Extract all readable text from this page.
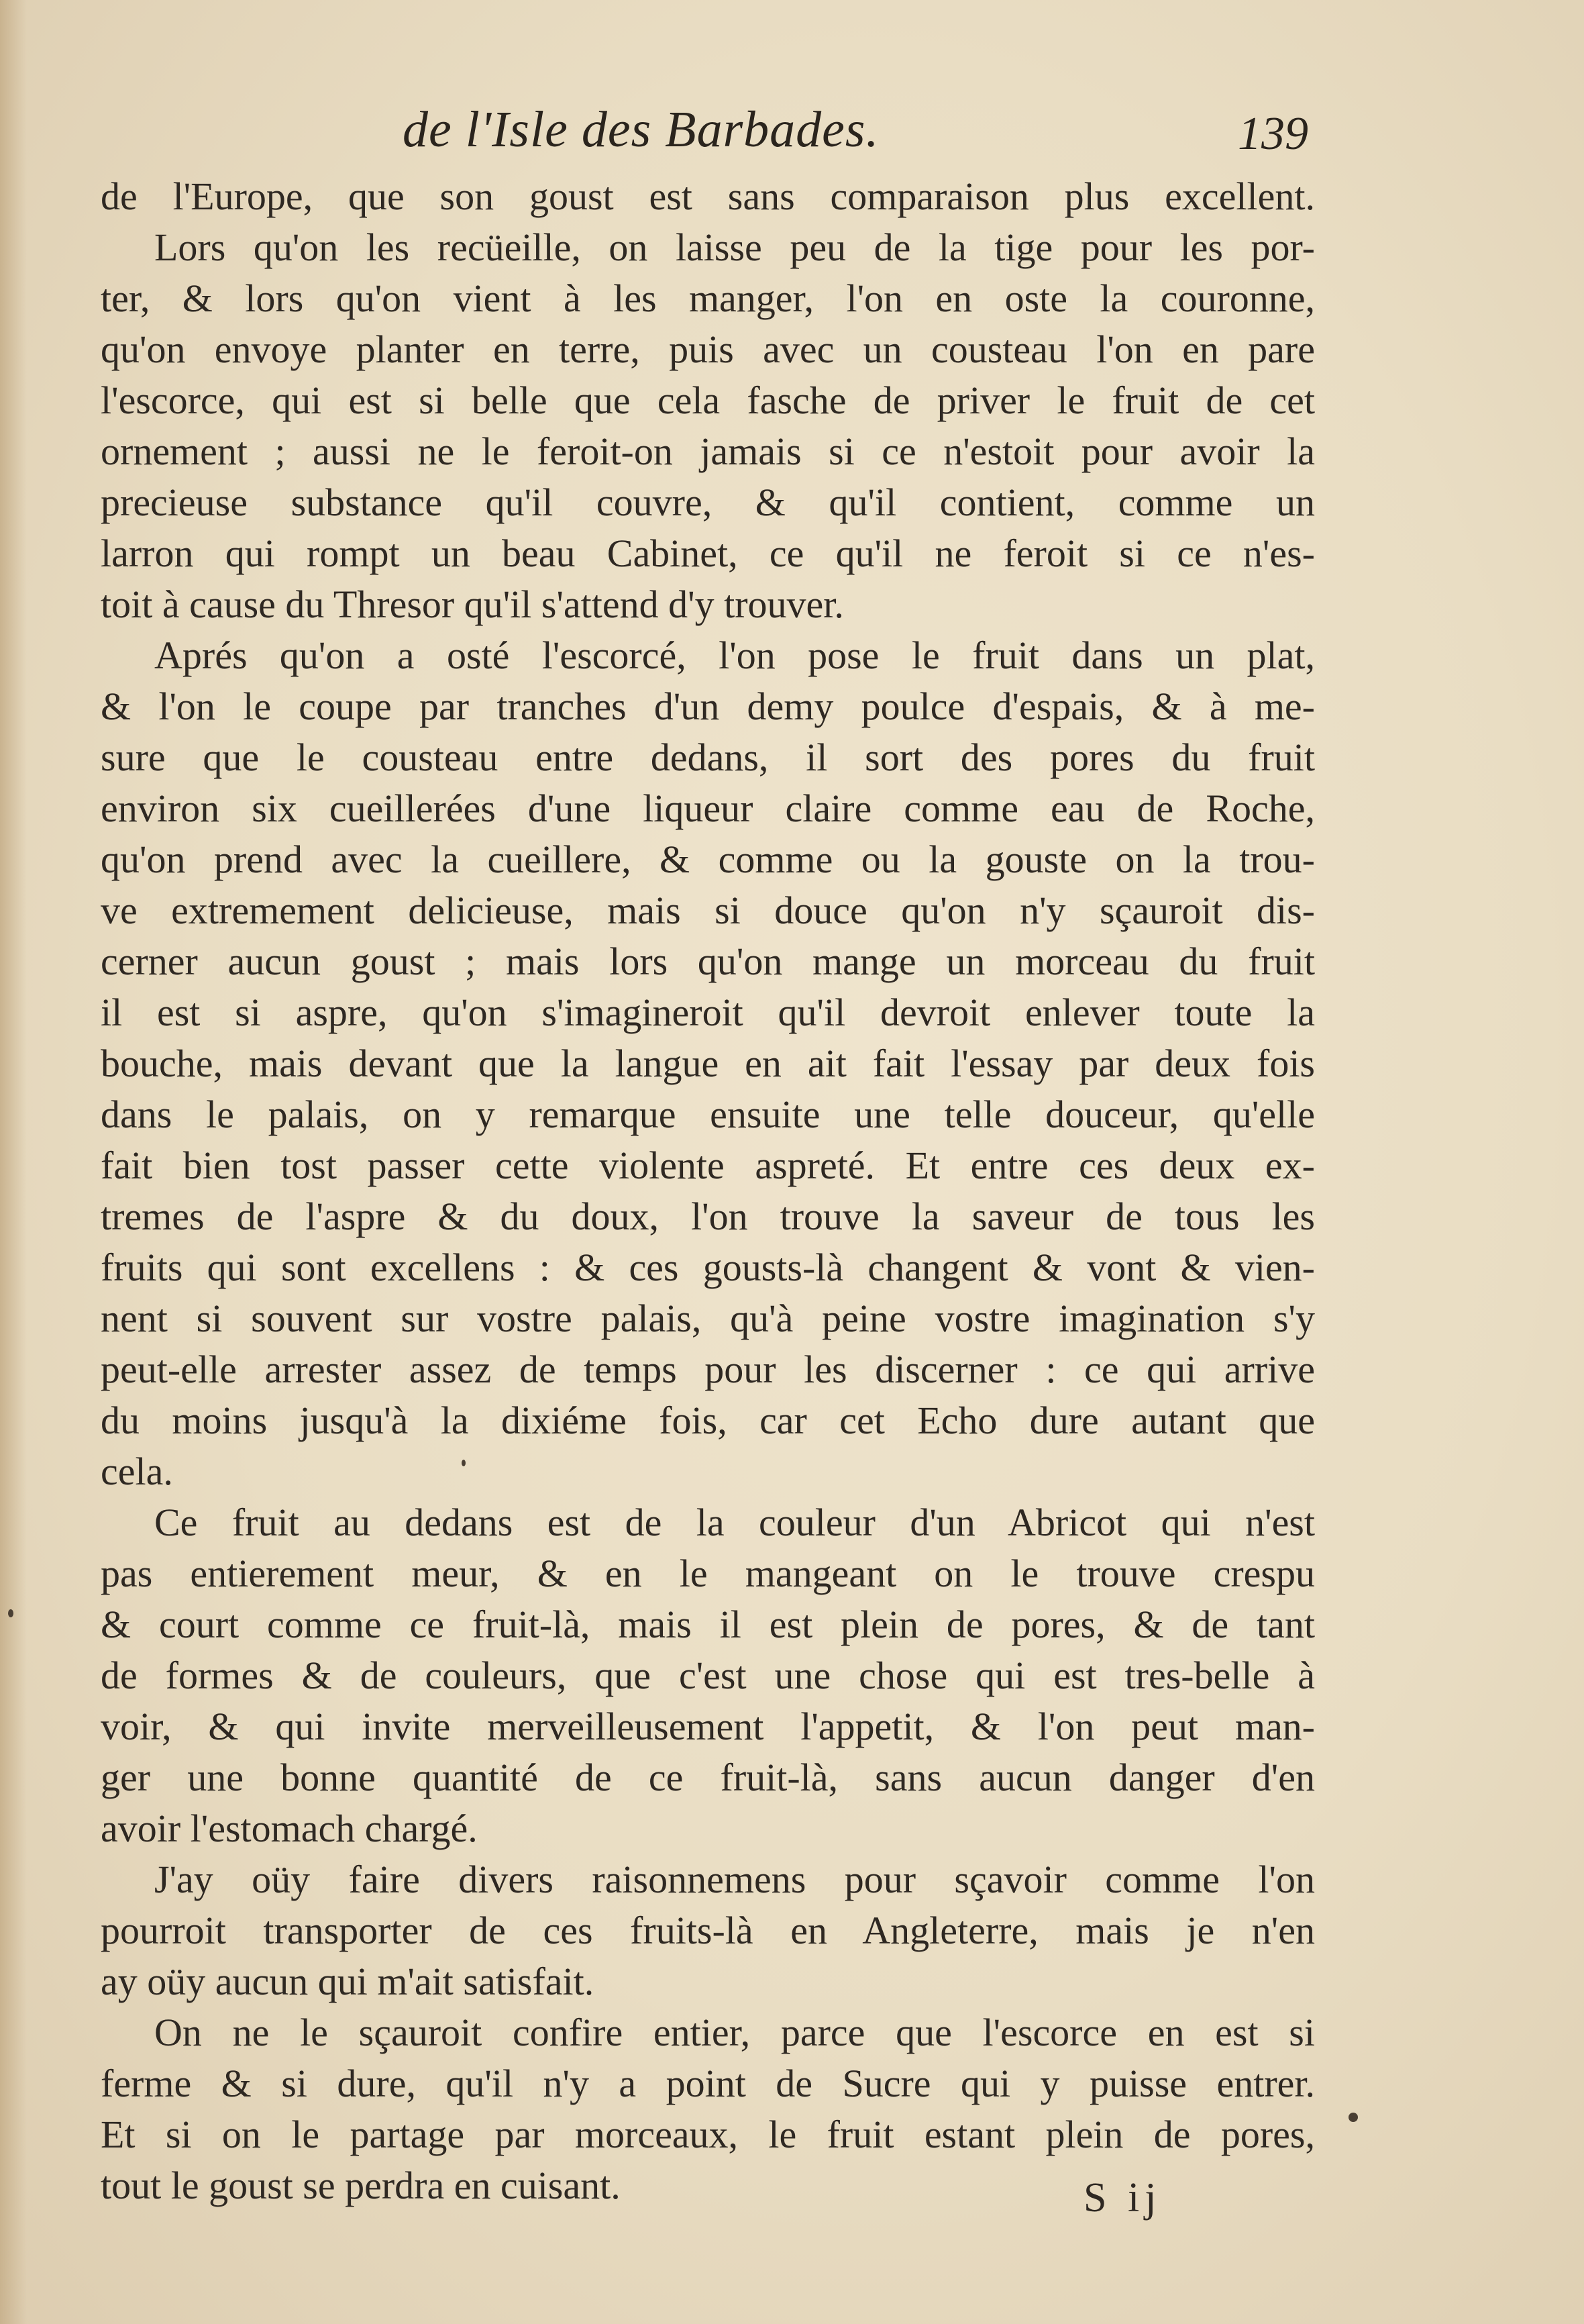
de l'Isle des Barbades.	139
de l'Europe, que son goust est sans comparaison plus excellent.
Lors qu'on les recüeille, on laisse peu de la tige pour les por-
ter, & lors qu'on vient à les manger, l'on en oste la couronne,
qu'on envoye planter en terre, puis avec un cousteau l'on en pare
l'escorce, qui est si belle que cela fasche de priver le fruit de cet
ornement ; aussi ne le feroit-on jamais si ce n'estoit pour avoir la
precieuse substance qu'il couvre, & qu'il contient, comme un
larron qui rompt un beau Cabinet, ce qu'il ne feroit si ce n'es-
toit à cause du Thresor qu'il s'attend d'y trouver.
Aprés qu'on a osté l'escorcé, l'on pose le fruit dans un plat,
& l'on le coupe par tranches d'un demy poulce d'espais, & à me-
sure que le cousteau entre dedans, il sort des pores du fruit
environ six cueillerées d'une liqueur claire comme eau de Roche,
qu'on prend avec la cueillere, & comme ou la gouste on la trou-
ve extremement delicieuse, mais si douce qu'on n'y sçauroit dis-
cerner aucun goust ; mais lors qu'on mange un morceau du fruit
il est si aspre, qu'on s'imagineroit qu'il devroit enlever toute la
bouche, mais devant que la langue en ait fait l'essay par deux fois
dans le palais, on y remarque ensuite une telle douceur, qu'elle
fait bien tost passer cette violente aspreté. Et entre ces deux ex-
tremes de l'aspre & du doux, l'on trouve la saveur de tous les
fruits qui sont excellens : & ces gousts-là changent & vont & vien-
nent si souvent sur vostre palais, qu'à peine vostre imagination s'y
peut-elle arrester assez de temps pour les discerner : ce qui arrive
du moins jusqu'à la dixiéme fois, car cet Echo dure autant que
cela.
Ce fruit au dedans est de la couleur d'un Abricot qui n'est
pas entierement meur, & en le mangeant on le trouve crespu
& court comme ce fruit-là, mais il est plein de pores, & de tant
de formes & de couleurs, que c'est une chose qui est tres-belle à
voir, & qui invite merveilleusement l'appetit, & l'on peut man-
ger une bonne quantité de ce fruit-là, sans aucun danger d'en
avoir l'estomach chargé.
J'ay oüy faire divers raisonnemens pour sçavoir comme l'on
pourroit transporter de ces fruits-là en Angleterre, mais je n'en
ay oüy aucun qui m'ait satisfait.
On ne le sçauroit confire entier, parce que l'escorce en est si
ferme & si dure, qu'il n'y a point de Sucre qui y puisse entrer.
Et si on le partage par morceaux, le fruit estant plein de pores,
tout le goust se perdra en cuisant.	S ij
